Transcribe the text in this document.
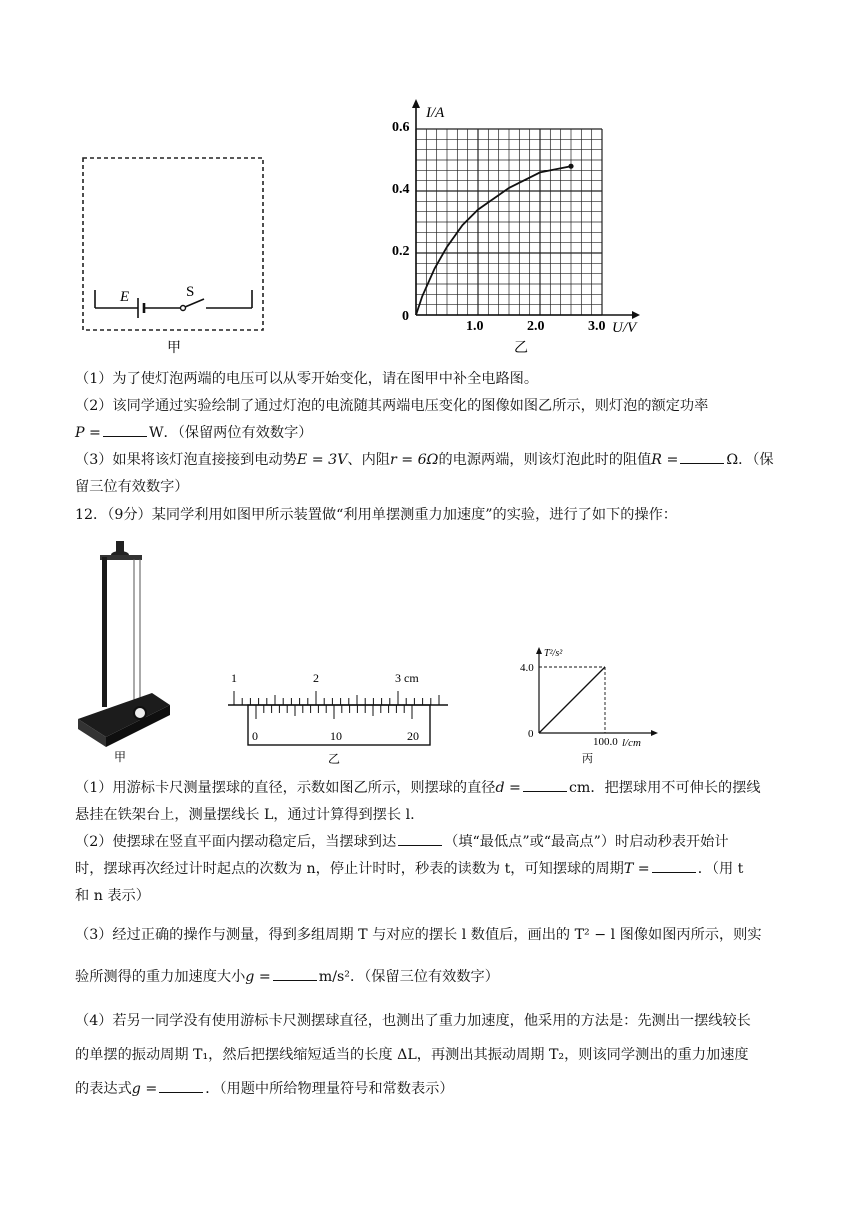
E	S
甲
I/A
U/V
0
0.2
0.4
0.6
1.0	2.0	3.0
乙
（1）为了使灯泡两端的电压可以从零开始变化，请在图甲中补全电路图。
（2）该同学通过实验绘制了通过灯泡的电流随其两端电压变化的图像如图乙所示，则灯泡的额定功率
P =	W．（保留两位有效数字）
（3）如果将该灯泡直接接到电动势E = 3V、内阻r = 6Ω的电源两端，则该灯泡此时的阻值R =	Ω．（保
留三位有效数字）
12．（9分）某同学利用如图甲所示装置做“利用单摆测重力加速度”的实验，进行了如下的操作：
甲
1	2	3 cm
0	10	20
乙
T²/s²
4.0
0
100.0 l/cm
丙
（1）用游标卡尺测量摆球的直径，示数如图乙所示，则摆球的直径d =	cm．把摆球用不可伸长的摆线
悬挂在铁架台上，测量摆线长 L，通过计算得到摆长 l.
（2）使摆球在竖直平面内摆动稳定后，当摆球到达	（填“最低点”或“最高点”）时启动秒表开始计
时，摆球再次经过计时起点的次数为 n，停止计时时，秒表的读数为 t，可知摆球的周期T =	．（用 t
和 n 表示）
（3）经过正确的操作与测量，得到多组周期 T 与对应的摆长 l 数值后，画出的 T² − l 图像如图丙所示，则实
验所测得的重力加速度大小g =	m/s²．（保留三位有效数字）
（4）若另一同学没有使用游标卡尺测摆球直径，也测出了重力加速度，他采用的方法是：先测出一摆线较长
的单摆的振动周期 T₁，然后把摆线缩短适当的长度 ΔL，再测出其振动周期 T₂，则该同学测出的重力加速度
的表达式g =	．（用题中所给物理量符号和常数表示）
